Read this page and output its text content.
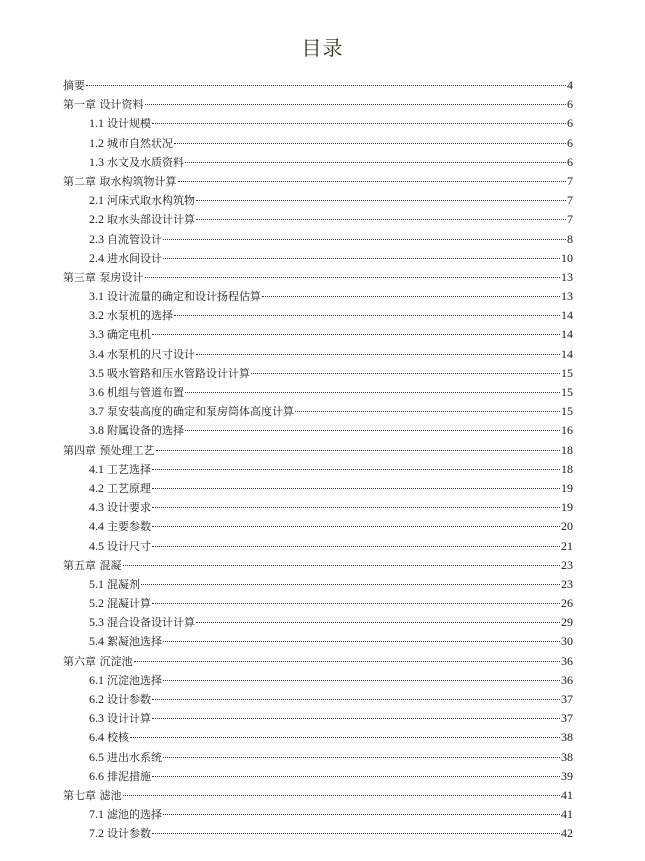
目录
摘要	4
第一章 设计资料	6
1.1 设计规模	6
1.2 城市自然状况	6
1.3 水文及水质资料	6
第二章 取水构筑物计算	7
2.1 河床式取水构筑物	7
2.2 取水头部设计计算	7
2.3 自流管设计	8
2.4 进水间设计	10
第三章 泵房设计	13
3.1 设计流量的确定和设计扬程估算	13
3.2 水泵机的选择	14
3.3 确定电机	14
3.4 水泵机的尺寸设计	14
3.5 吸水管路和压水管路设计计算	15
3.6 机组与管道布置	15
3.7 泵安装高度的确定和泵房筒体高度计算	15
3.8 附属设备的选择	16
第四章 预处理工艺	18
4.1 工艺选择	18
4.2 工艺原理	19
4.3 设计要求	19
4.4 主要参数	20
4.5 设计尺寸	21
第五章 混凝	23
5.1 混凝剂	23
5.2 混凝计算	26
5.3 混合设备设计计算	29
5.4 絮凝池选择	30
第六章 沉淀池	36
6.1 沉淀池选择	36
6.2 设计参数	37
6.3 设计计算	37
6.4 校核	38
6.5 进出水系统	38
6.6 排泥措施	39
第七章 滤池	41
7.1 滤池的选择	41
7.2 设计参数	42
